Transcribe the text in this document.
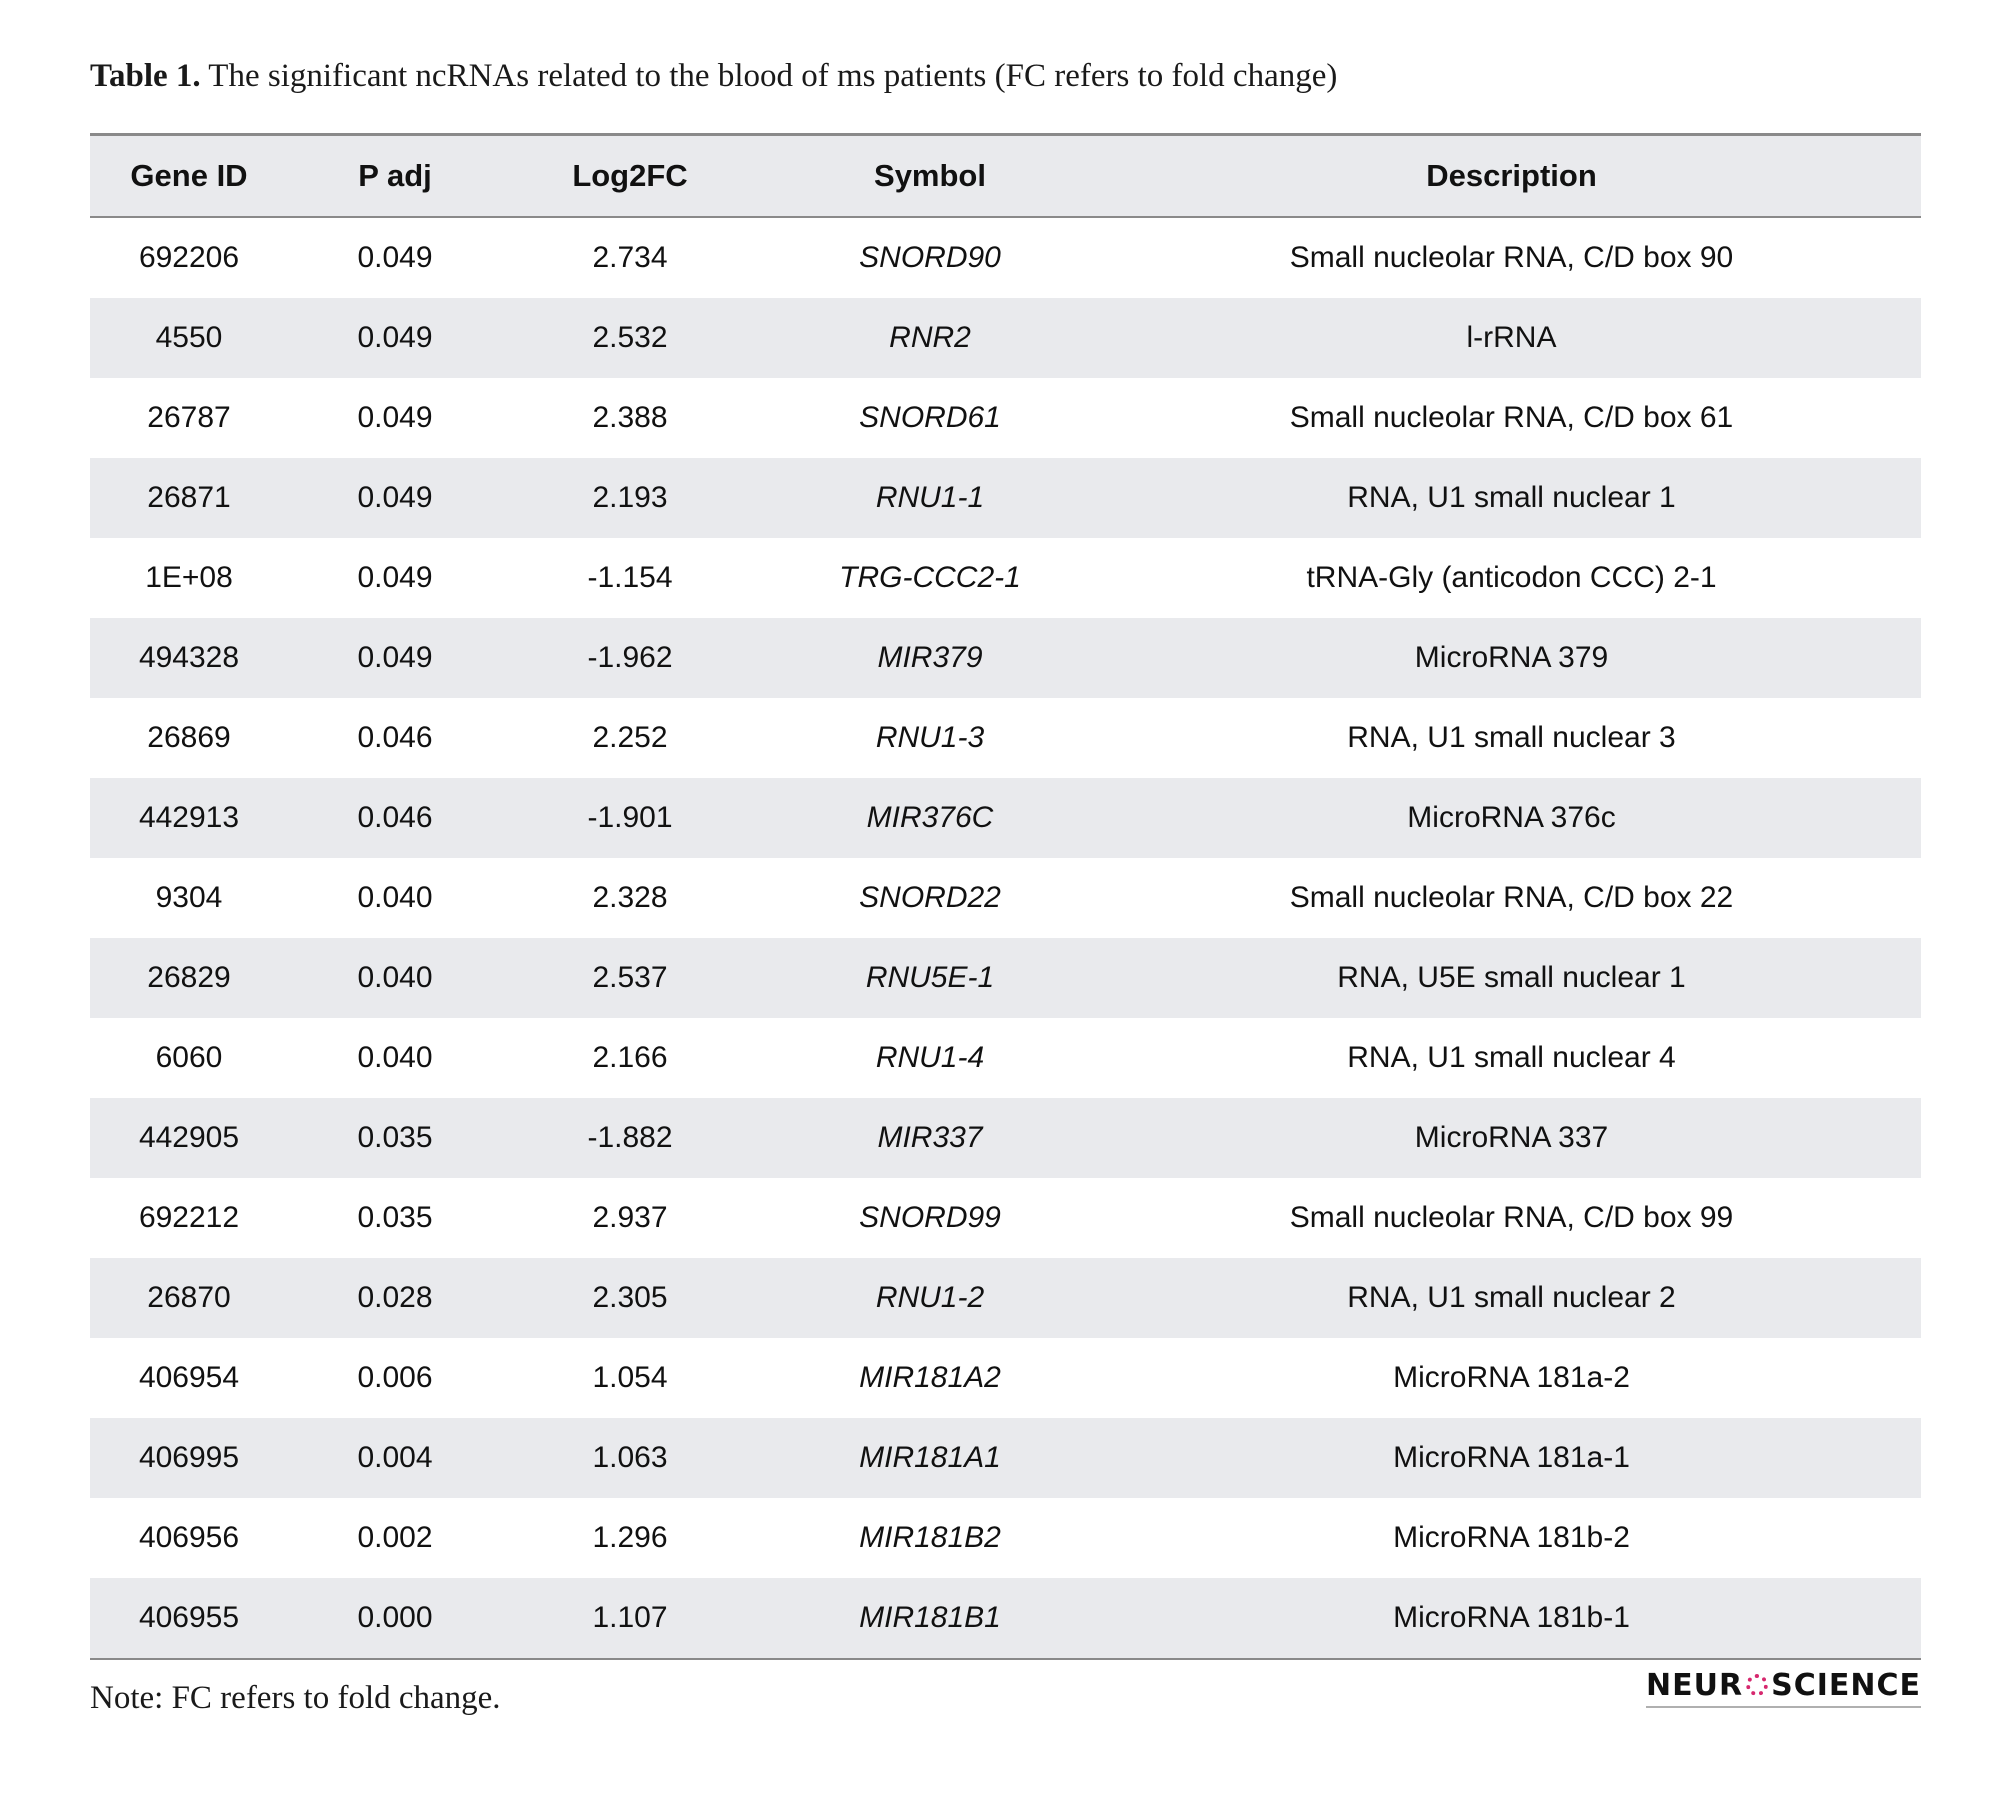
Table 1. The significant ncRNAs related to the blood of ms patients (FC refers to fold change)
Gene ID	P adj	Log2FC	Symbol	Description
692206	0.049	2.734	SNORD90	Small nucleolar RNA, C/D box 90
4550	0.049	2.532	RNR2	l-rRNA
26787	0.049	2.388	SNORD61	Small nucleolar RNA, C/D box 61
26871	0.049	2.193	RNU1-1	RNA, U1 small nuclear 1
1E+08	0.049	-1.154	TRG-CCC2-1	tRNA-Gly (anticodon CCC) 2-1
494328	0.049	-1.962	MIR379	MicroRNA 379
26869	0.046	2.252	RNU1-3	RNA, U1 small nuclear 3
442913	0.046	-1.901	MIR376C	MicroRNA 376c
9304	0.040	2.328	SNORD22	Small nucleolar RNA, C/D box 22
26829	0.040	2.537	RNU5E-1	RNA, U5E small nuclear 1
6060	0.040	2.166	RNU1-4	RNA, U1 small nuclear 4
442905	0.035	-1.882	MIR337	MicroRNA 337
692212	0.035	2.937	SNORD99	Small nucleolar RNA, C/D box 99
26870	0.028	2.305	RNU1-2	RNA, U1 small nuclear 2
406954	0.006	1.054	MIR181A2	MicroRNA 181a-2
406995	0.004	1.063	MIR181A1	MicroRNA 181a-1
406956	0.002	1.296	MIR181B2	MicroRNA 181b-2
406955	0.000	1.107	MIR181B1	MicroRNA 181b-1
Note: FC refers to fold change.	NEUR SCIENCE
